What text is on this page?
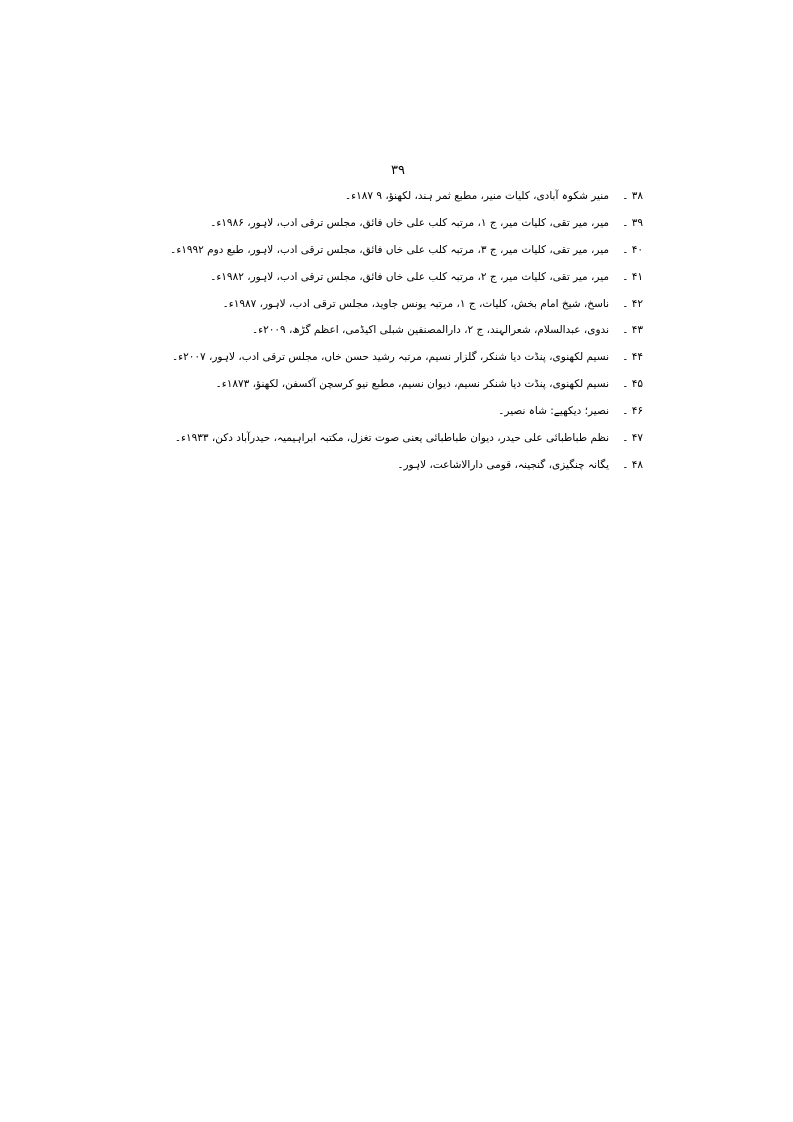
۳۹
۳۸ ۔منیر شکوہ آبادی، کلیات منیر، مطبع ثمر ہند، لکھنؤ، ۹ ۱۸۷ء۔
۳۹ ۔میر، میر تقی، کلیات میر، ج ۱، مرتبہ کلب علی خاں فائق، مجلس ترقی ادب، لاہور، ۱۹۸۶ء۔
۴۰ ۔میر، میر تقی، کلیات میر، ج ۳، مرتبہ کلب علی خاں فائق، مجلس ترقی ادب، لاہور، طبع دوم ۱۹۹۲ء۔
۴۱ ۔میر، میر تقی، کلیات میر، ج ۲، مرتبہ کلب علی خاں فائق، مجلس ترقی ادب، لاہور، ۱۹۸۲ء۔
۴۲ ۔ناسخ، شیخ امام بخش، کلیات، ج ۱، مرتبہ یونس جاوید، مجلس ترقی ادب، لاہور، ۱۹۸۷ء۔
۴۳ ۔ندوی، عبدالسلام، شعرالہند، ج ۲، دارالمصنفین شبلی اکیڈمی، اعظم گڑھ، ۲۰۰۹ء۔
۴۴ ۔نسیم لکھنوی، پنڈت دیا شنکر، گلزار نسیم، مرتبہ رشید حسن خاں، مجلس ترقی ادب، لاہور، ۲۰۰۷ء۔
۴۵ ۔نسیم لکھنوی، پنڈت دیا شنکر نسیم، دیوان نسیم، مطبع نیو کرسچن آکسفن، لکھنؤ، ۱۸۷۳ء۔
۴۶ ۔نصیر؛ دیکھیے: شاہ نصیر۔
۴۷ ۔نظم طباطبائی علی حیدر، دیوان طباطبائی یعنی صوت تغزل، مکتبہ ابراہیمیہ، حیدرآباد دکن، ۱۹۳۳ء۔
۴۸ ۔یگانہ چنگیزی، گنجینہ، قومی دارالاشاعت، لاہور۔
